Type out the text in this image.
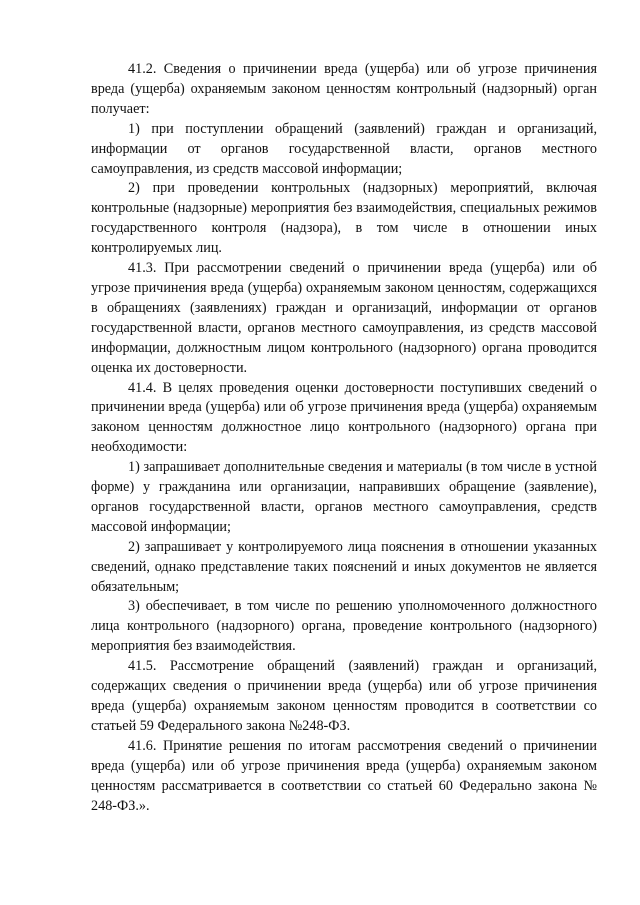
41.2. Сведения о причинении вреда (ущерба) или об угрозе причинения вреда (ущерба) охраняемым законом ценностям контрольный (надзорный) орган получает:

1) при поступлении обращений (заявлений) граждан и организаций, информации от органов государственной власти, органов местного самоуправления, из средств массовой информации;

2) при проведении контрольных (надзорных) мероприятий, включая контрольные (надзорные) мероприятия без взаимодействия, специальных режимов государственного контроля (надзора), в том числе в отношении иных контролируемых лиц.

41.3. При рассмотрении сведений о причинении вреда (ущерба) или об угрозе причинения вреда (ущерба) охраняемым законом ценностям, содержащихся в обращениях (заявлениях) граждан и организаций, информации от органов государственной власти, органов местного самоуправления, из средств массовой информации, должностным лицом контрольного (надзорного) органа проводится оценка их достоверности.

41.4. В целях проведения оценки достоверности поступивших сведений о причинении вреда (ущерба) или об угрозе причинения вреда (ущерба) охраняемым законом ценностям должностное лицо контрольного (надзорного) органа при необходимости:

1) запрашивает дополнительные сведения и материалы (в том числе в устной форме) у гражданина или организации, направивших обращение (заявление), органов государственной власти, органов местного самоуправления, средств массовой информации;

2) запрашивает у контролируемого лица пояснения в отношении указанных сведений, однако представление таких пояснений и иных документов не является обязательным;

3) обеспечивает, в том числе по решению уполномоченного должностного лица контрольного (надзорного) органа, проведение контрольного (надзорного) мероприятия без взаимодействия.

41.5. Рассмотрение обращений (заявлений) граждан и организаций, содержащих сведения о причинении вреда (ущерба) или об угрозе причинения вреда (ущерба) охраняемым законом ценностям проводится в соответствии со статьей 59 Федерального закона №248-ФЗ.

41.6. Принятие решения по итогам рассмотрения сведений о причинении вреда (ущерба) или об угрозе причинения вреда (ущерба) охраняемым законом ценностям рассматривается в соответствии со статьей 60 Федерально закона № 248-ФЗ.».
